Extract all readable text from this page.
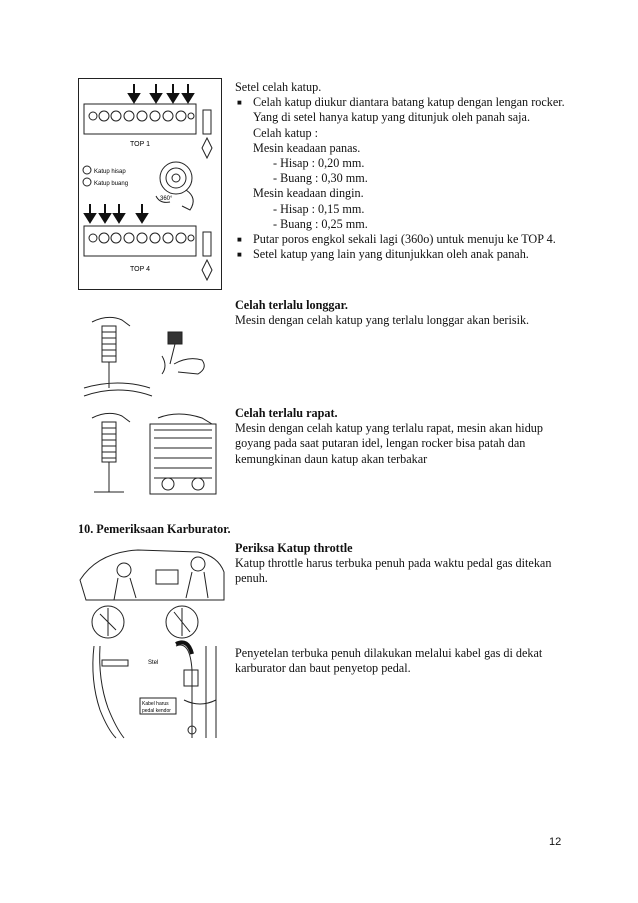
TOP 1
Katup hisap
Katup buang
360°
TOP 4
Setel celah katup.
■ Celah katup diukur diantara batang katup dengan lengan rocker. Yang di setel hanya katup yang ditunjuk oleh panah saja.
Celah katup :
Mesin keadaan panas.
- Hisap : 0,20 mm.
- Buang : 0,30 mm.
Mesin keadaan dingin.
- Hisap : 0,15 mm.
- Buang : 0,25 mm.
■ Putar poros engkol sekali lagi (360o) untuk menuju ke TOP 4.
■ Setel katup yang lain yang ditunjukkan oleh anak panah.
Celah terlalu longgar.
Mesin dengan celah katup yang terlalu longgar akan berisik.
Celah terlalu rapat.
Mesin dengan celah katup yang terlalu rapat, mesin akan hidup goyang pada saat putaran idel, lengan rocker bisa patah dan kemungkinan daun katup akan terbakar
10. Pemeriksaan Karburator.
Periksa Katup throttle
Katup throttle harus terbuka penuh pada waktu pedal gas ditekan penuh.
Stel
Kabel harus
pedal kendor
Penyetelan terbuka penuh dilakukan melalui kabel gas di dekat karburator dan baut penyetop pedal.
12
